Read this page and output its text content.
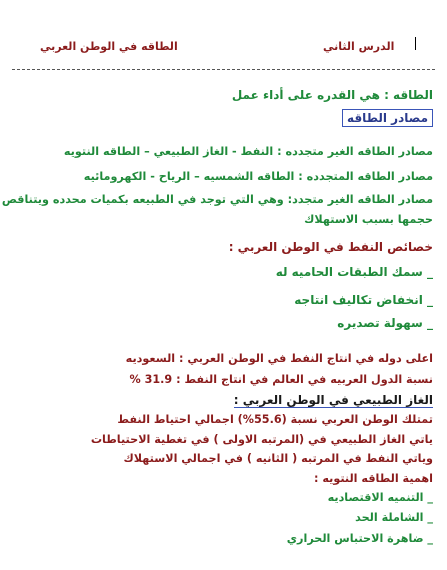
الدرس الثاني
الطاقه في الوطن العربي
الطاقه : هي القدره على أداء عمل
مصادر الطاقه
مصادر الطاقه الغير متجدده : النفط - الغاز الطبيعي – الطاقه النتويه
مصادر الطاقه المتجدده : الطاقه الشمسيه – الرياح - الكهرومائيه
مصادر الطاقه الغير متجدد: وهي التي توجد في الطبيعه بكميات محدده ويتناقص
حجمها بسبب الاستهلاك
خصائص النفط في الوطن العربي :
_ سمك الطبقات الحاميه له
_ انخفاض تكاليف انتاجه
_ سهولة تصديره
اعلى دوله في انتاج النفط في الوطن العربي : السعوديه
نسبة الدول العربيه في العالم في انتاج النفط : 31.9 %
الغاز الطبيعي في الوطن العربي :
تمتلك الوطن العربي نسبة (55.6%) اجمالي احتياط النفط
ياتي الغاز الطبيعي في (المرتبه الاولى ) في تغطية الاحتياطات
وياتي النفط في المرتبه ( الثانيه ) في اجمالي الاستهلاك
اهمية الطاقه النتويه :
_ التنميه الاقتصاديه
_ الشاملة الحد
_ ضاهرة الاحتباس الحراري
